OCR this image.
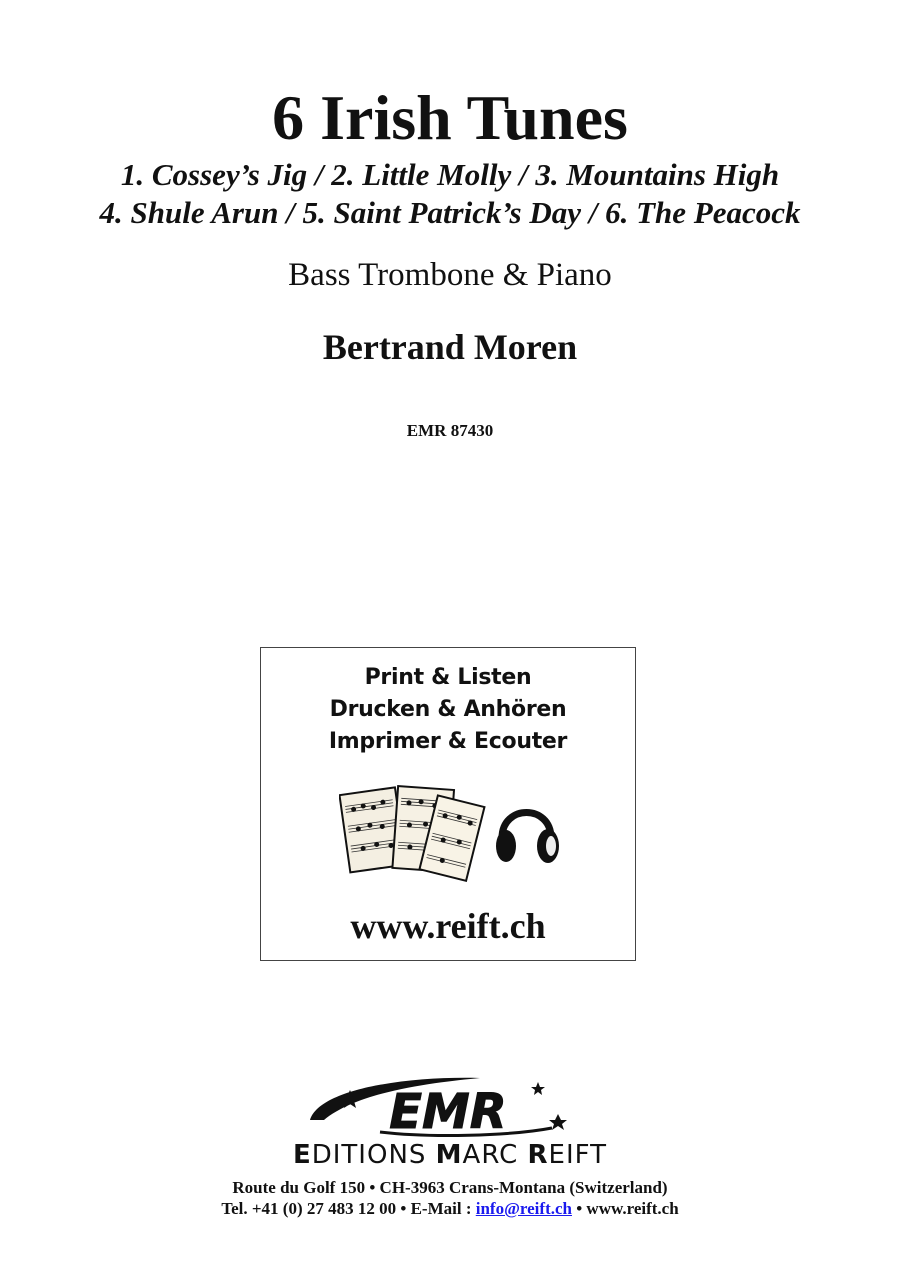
6 Irish Tunes
1. Cossey’s Jig / 2. Little Molly / 3. Mountains High
4. Shule Arun / 5. Saint Patrick’s Day / 6. The Peacock
Bass Trombone & Piano
Bertrand Moren
EMR 87430
Print & Listen
Drucken & Anhören
Imprimer & Ecouter
www.reift.ch
EMR
EDITIONS MARC REIFT
Route du Golf 150 • CH-3963 Crans-Montana (Switzerland)
Tel. +41 (0) 27 483 12 00 • E-Mail : info@reift.ch • www.reift.ch
